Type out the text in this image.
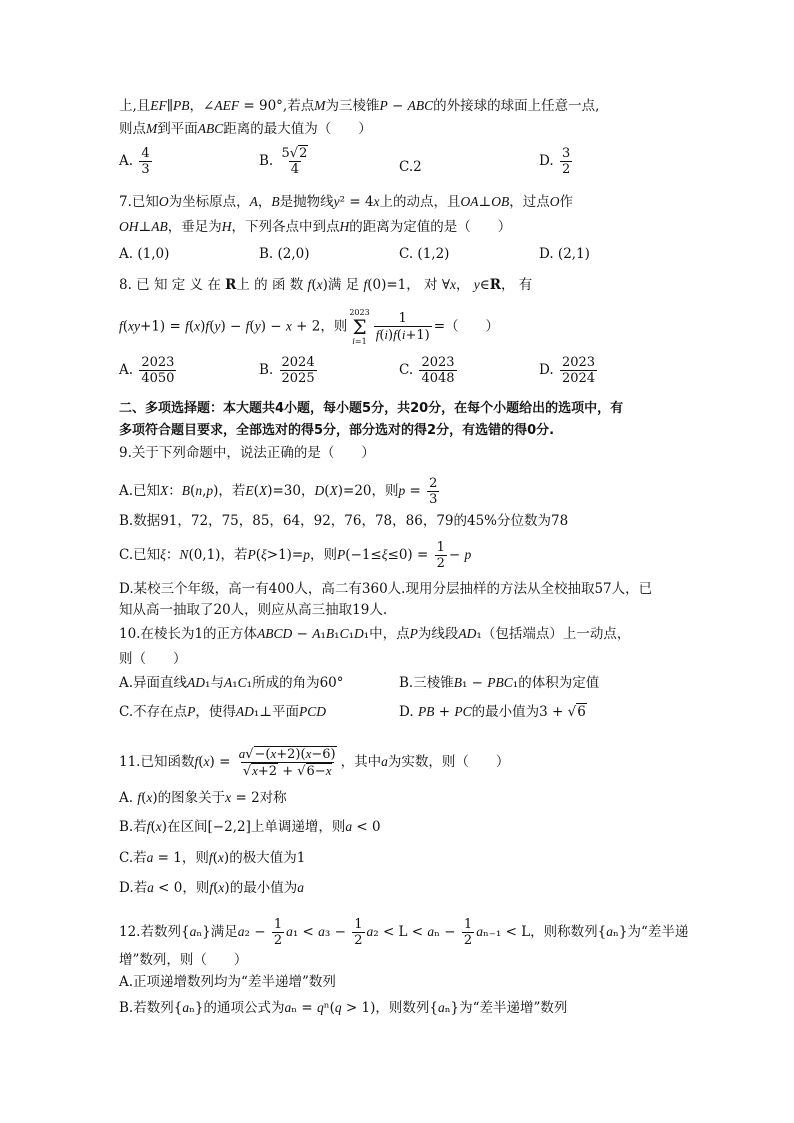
上,且EF∥PB，∠AEF = 90°,若点M为三棱锥P − ABC的外接球的球面上任意一点,
则点M到平面ABC距离的最大值为（　　）
A. $\frac{4}{3}$	B. $\frac{5√2}{4}$	C.2	D. $\frac{3}{2}$
7.已知O为坐标原点，A，B是抛物线y² = 4x上的动点，且OA⊥OB，过点O作
OH⊥AB，垂足为H，下列各点中到点H的距离为定值的是（　　）
A. (1,0)	B. (2,0)	C. (1,2)	D. (2,1)
8. 已 知 定 义 在 R上 的 函 数 f(x)满 足 f(0)=1， 对 ∀x， y∈R， 有
f(xy+1) = f(x)f(y) − f(y) − x + 2，则
2023
Σ
$i=1 \frac{1}{f(i)f(i+1)}$ =（　　）
A. $\frac{2023}{4050}$	B. $\frac{2024}{2025}$	C. $\frac{2023}{4048}$	D. $\frac{2023}{2024}$
二、多项选择题：本大题共4小题，每小题5分，共20分，在每个小题给出的选项中，有
多项符合题目要求，全部选对的得5分，部分选对的得2分，有选错的得0分.
9.关于下列命题中，说法正确的是（　　）
A.已知X：B(n,p)，若E(X)=30，D(X)=20，则$p = \frac{2}{3}$
B.数据91，72，75，85，64，92，76，78，86，79的45%分位数为78
C.已知ξ：N(0,1)，若P(ξ>1)=p，则$P(-1\le\xi\le 0) = \frac{1}{2} - p$
D.某校三个年级，高一有400人，高二有360人.现用分层抽样的方法从全校抽取57人，已
知从高一抽取了20人，则应从高三抽取19人.
10.在棱长为1的正方体ABCD − A₁B₁C₁D₁中，点P为线段AD₁（包括端点）上一动点，
则（　　）
A.异面直线AD₁与A₁C₁所成的角为60°	B.三棱锥B₁ − PBC₁的体积为定值
C.不存在点P，使得AD₁⊥平面PCD	D. PB + PC的最小值为3 + √6
11.已知函数$f(x) = \frac{a√-(x+2)(x-6)}{√x+2 + √6-x}$ ，其中a为实数，则（　　）
A. f(x)的图象关于x = 2对称
B.若f(x)在区间[−2,2]上单调递增，则a < 0
C.若a = 1，则f(x)的极大值为1
D.若a < 0，则f(x)的最小值为a
12.若数列{aₙ}满足$a_2 - \frac{1}{2} a_1 < a_3 - \frac{1}{2} a_2 < L < a_n - \frac{1}{2} a_{n-1} < L$，则称数列{aₙ}为“差半递
增”数列，则（　　）
A.正项递增数列均为“差半递增”数列
B.若数列{aₙ}的通项公式为aₙ = qⁿ(q > 1)，则数列{aₙ}为“差半递增”数列
